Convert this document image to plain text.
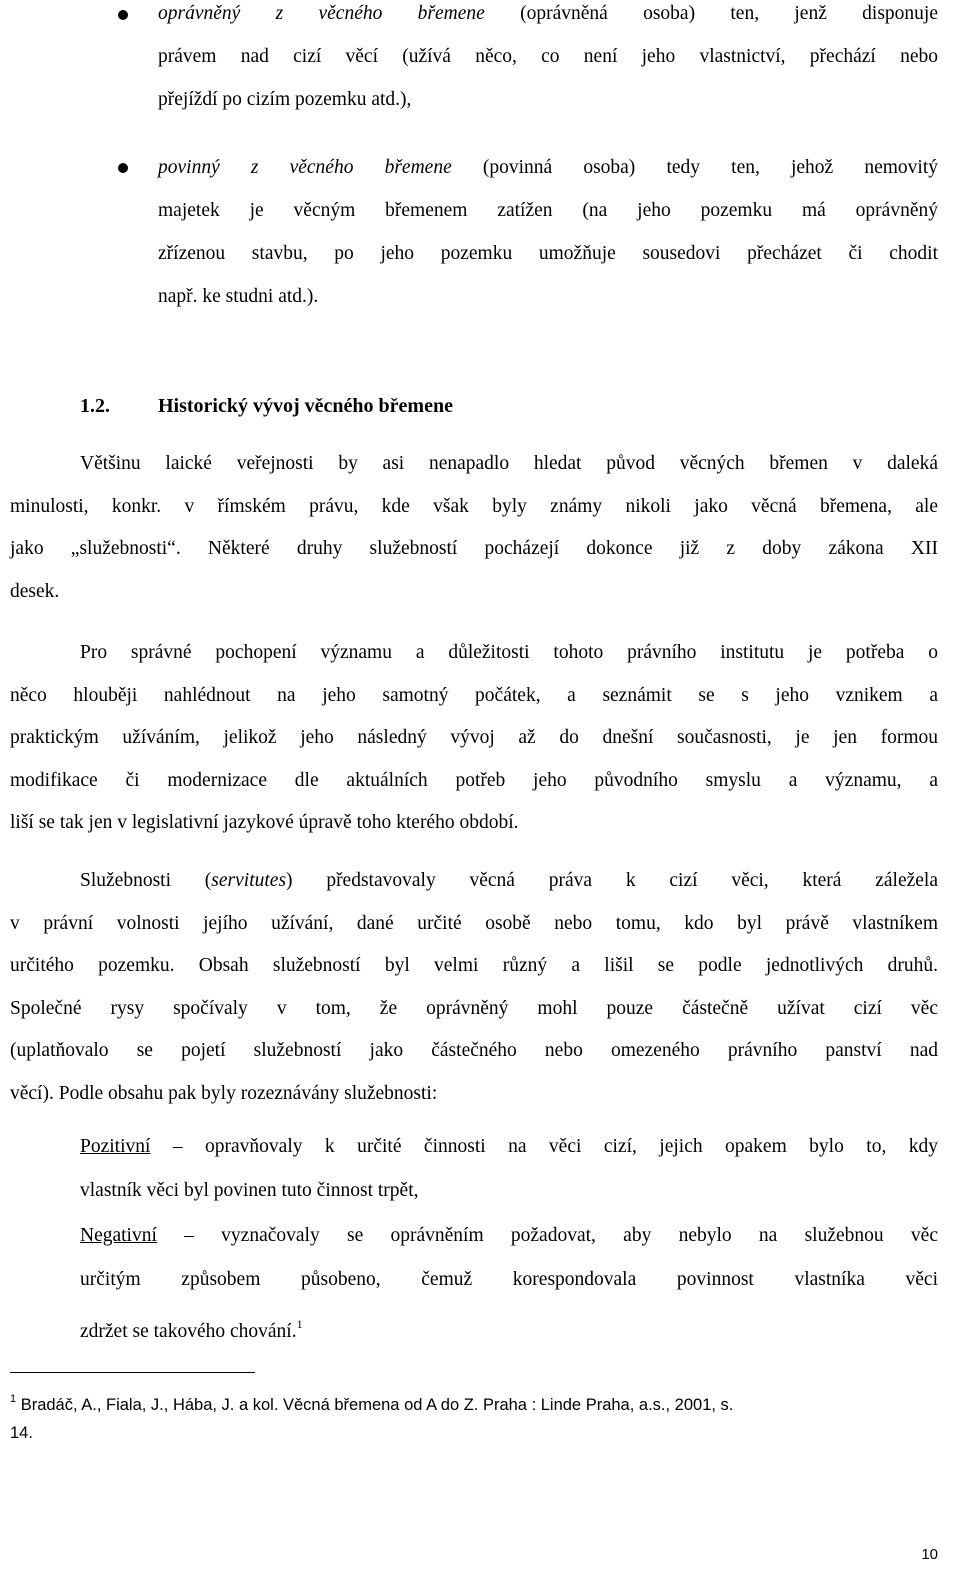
oprávněný z věcného břemene (oprávněná osoba) ten, jenž disponuje
právem nad cizí věcí (užívá něco, co není jeho vlastnictví, přechází nebo
přejíždí po cizím pozemku atd.),
povinný z věcného břemene (povinná osoba) tedy ten, jehož nemovitý
majetek je věcným břemenem zatížen (na jeho pozemku má oprávněný
zřízenou stavbu, po jeho pozemku umožňuje sousedovi přecházet či chodit
např. ke studni atd.).
1.2. Historický vývoj věcného břemene
Většinu laické veřejnosti by asi nenapadlo hledat původ věcných břemen v daleká
minulosti, konkr. v římském právu, kde však byly známy nikoli jako věcná břemena, ale
jako „služebnosti“. Některé druhy služebností pocházejí dokonce již z doby zákona XII
desek.
Pro správné pochopení významu a důležitosti tohoto právního institutu je potřeba o
něco hlouběji nahlédnout na jeho samotný počátek, a seznámit se s jeho vznikem a
praktickým užíváním, jelikož jeho následný vývoj až do dnešní současnosti, je jen formou
modifikace či modernizace dle aktuálních potřeb jeho původního smyslu a významu, a
liší se tak jen v legislativní jazykové úpravě toho kterého období.
Služebnosti (servitutes) představovaly věcná práva k cizí věci, která záležela
v právní volnosti jejího užívání, dané určité osobě nebo tomu, kdo byl právě vlastníkem
určitého pozemku. Obsah služebností byl velmi různý a lišil se podle jednotlivých druhů.
Společné rysy spočívaly v tom, že oprávněný mohl pouze částečně užívat cizí věc
(uplatňovalo se pojetí služebností jako částečného nebo omezeného právního panství nad
věcí). Podle obsahu pak byly rozeznávány služebnosti:
Pozitivní – opravňovaly k určité činnosti na věci cizí, jejich opakem bylo to, kdy
vlastník věci byl povinen tuto činnost trpět,
Negativní – vyznačovaly se oprávněním požadovat, aby nebylo na služebnou věc
určitým způsobem působeno, čemuž korespondovala povinnost vlastníka věci
zdržet se takového chování.$^1$
$^1$ Bradáč, A., Fiala, J., Hába, J. a kol. Věcná břemena od A do Z. Praha : Linde Praha, a.s., 2001, s.
14.
10
